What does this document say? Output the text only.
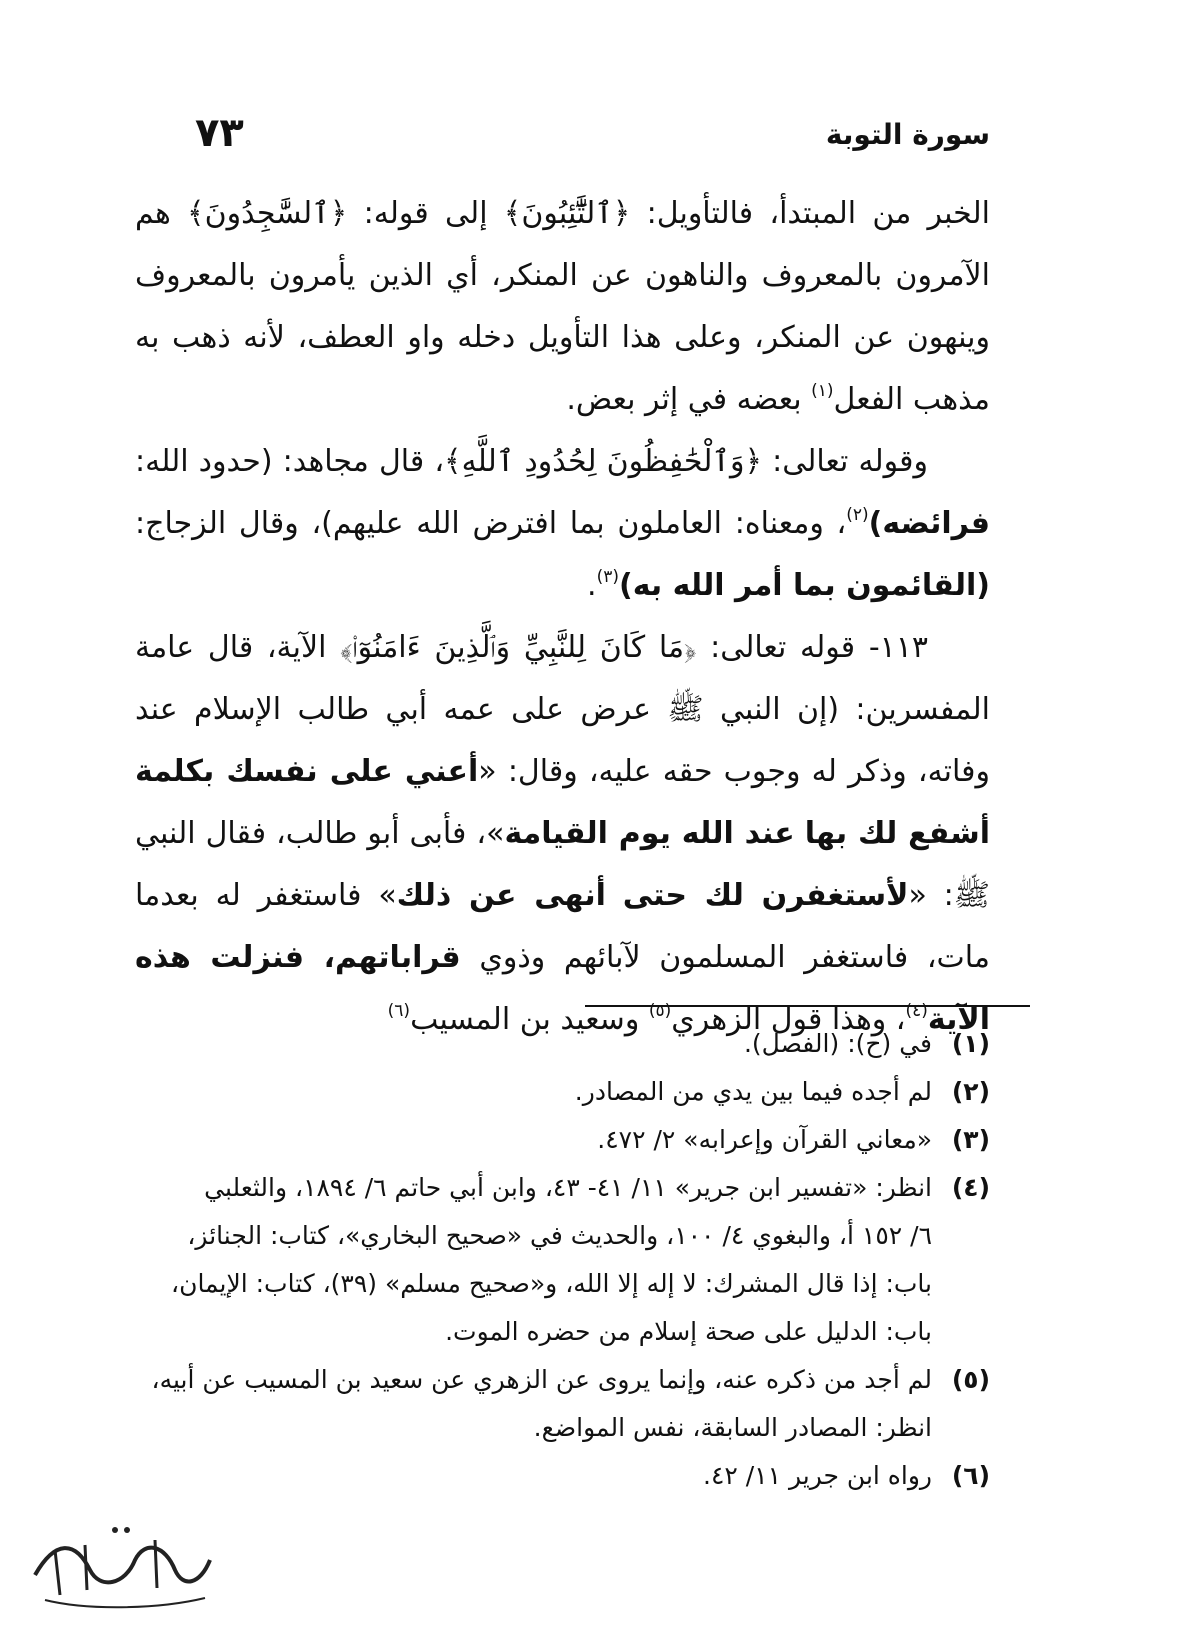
سورة التوبة
٧٣

الخبر من المبتدأ، فالتأويل: ﴿ٱلتَّٰٓئِبُونَ﴾ إلى قوله: ﴿ٱلسَّٰجِدُونَ﴾ هم الآمرون بالمعروف والناهون عن المنكر، أي الذين يأمرون بالمعروف وينهون عن المنكر، وعلى هذا التأويل دخله واو العطف، لأنه ذهب به مذهب الفعل$^{(١)}$ بعضه في إثر بعض.

وقوله تعالى: ﴿وَٱلْحَٰفِظُونَ لِحُدُودِ ٱللَّهِ﴾، قال مجاهد: (حدود الله: فرائضه)$^{(٢)}$، ومعناه: العاملون بما افترض الله عليهم)، وقال الزجاج: (القائمون بما أمر الله به)$^{(٣)}$.

١١٣- قوله تعالى: ﴿مَا كَانَ لِلنَّبِيِّ وَٱلَّذِينَ ءَامَنُوٓا۟﴾ الآية، قال عامة المفسرين: (إن النبي ﷺ عرض على عمه أبي طالب الإسلام عند وفاته، وذكر له وجوب حقه عليه، وقال: «أعني على نفسك بكلمة أشفع لك بها عند الله يوم القيامة»، فأبى أبو طالب، فقال النبي ﷺ: «لأستغفرن لك حتى أنهى عن ذلك» فاستغفر له بعدما مات، فاستغفر المسلمون لآبائهم وذوي قراباتهم، فنزلت هذه الآية$^{(٤)}$، وهذا قول الزهري$^{(٥)}$ وسعيد بن المسيب$^{(٦)}$

(١)

في (ح): (الفصل).

(٢)

لم أجده فيما بين يدي من المصادر.

(٣)

«معاني القرآن وإعرابه» ٢/ ٤٧٢.

(٤)

انظر: «تفسير ابن جرير» ١١/ ٤١- ٤٣، وابن أبي حاتم ٦/ ١٨٩٤، والثعلبي

٦/ ١٥٢ أ، والبغوي ٤/ ١٠٠، والحديث في «صحيح البخاري»، كتاب: الجنائز،

باب: إذا قال المشرك: لا إله إلا الله، و«صحيح مسلم» (٣٩)، كتاب: الإيمان،

باب: الدليل على صحة إسلام من حضره الموت.

(٥)

لم أجد من ذكره عنه، وإنما يروى عن الزهري عن سعيد بن المسيب عن أبيه،

انظر: المصادر السابقة، نفس المواضع.

(٦)

رواه ابن جرير ١١/ ٤٢.
